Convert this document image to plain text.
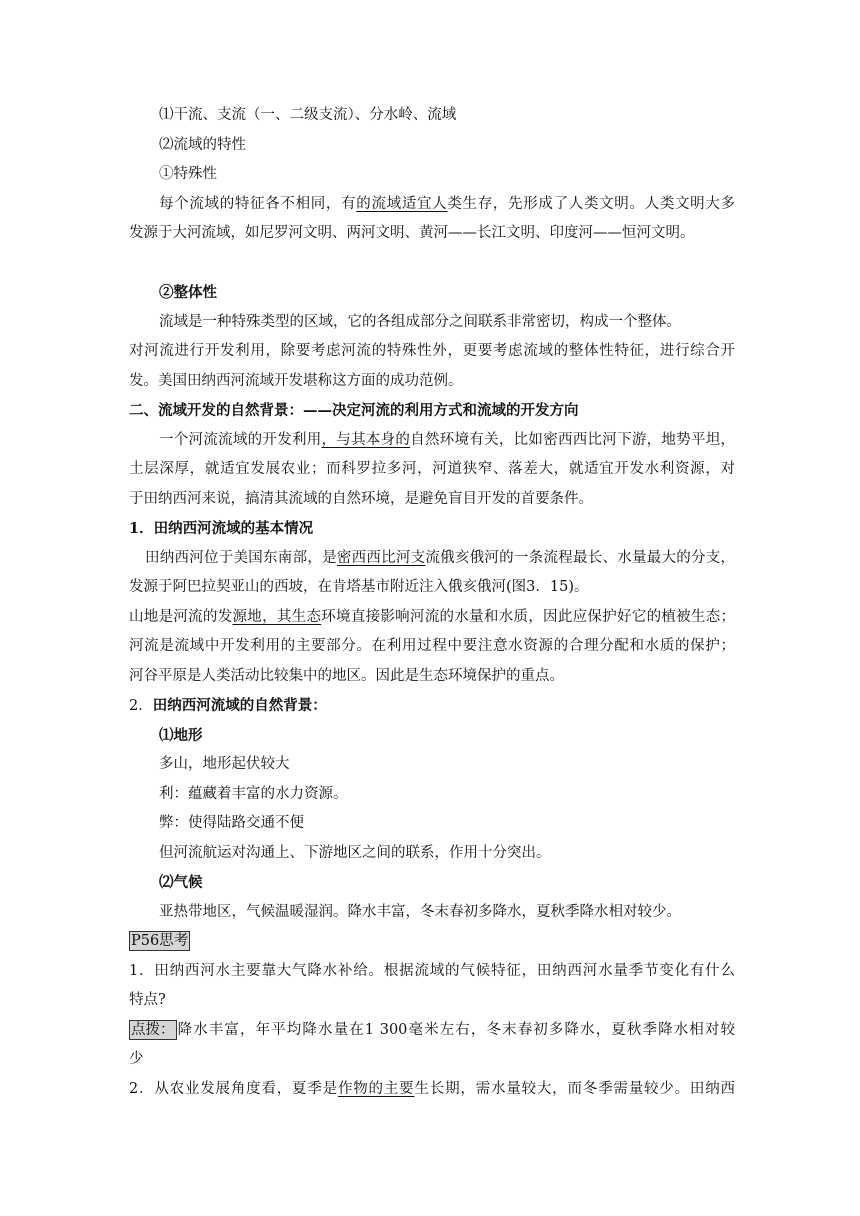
⑴干流、支流（一、二级支流）、分水岭、流域
⑵流域的特性
①特殊性
每个流域的特征各不相同，有的流域适宜人类生存，先形成了人类文明。人类文明大多
发源于大河流域，如尼罗河文明、两河文明、黄河——长江文明、印度河——恒河文明。
②整体性
流域是一种特殊类型的区域，它的各组成部分之间联系非常密切，构成一个整体。
对河流进行开发利用，除要考虑河流的特殊性外，更要考虑流域的整体性特征，进行综合开
发。美国田纳西河流域开发堪称这方面的成功范例。
二、流域开发的自然背景：——决定河流的利用方式和流域的开发方向
一个河流流域的开发利用，与其本身的自然环境有关，比如密西西比河下游，地势平坦，
土层深厚，就适宜发展农业；而科罗拉多河，河道狭窄、落差大，就适宜开发水利资源，对
于田纳西河来说，搞清其流域的自然环境，是避免盲目开发的首要条件。
1．田纳西河流域的基本情况
田纳西河位于美国东南部，是密西西比河支流俄亥俄河的一条流程最长、水量最大的分支，
发源于阿巴拉契亚山的西坡，在肯塔基市附近注入俄亥俄河(图3．15)。
山地是河流的发源地，其生态环境直接影响河流的水量和水质，因此应保护好它的植被生态；
河流是流域中开发利用的主要部分。在利用过程中要注意水资源的合理分配和水质的保护；
河谷平原是人类活动比较集中的地区。因此是生态环境保护的重点。
2．田纳西河流域的自然背景：
⑴地形
多山，地形起伏较大
利：蕴藏着丰富的水力资源。
弊：使得陆路交通不便
但河流航运对沟通上、下游地区之间的联系，作用十分突出。
⑵气候
亚热带地区，气候温暖湿润。降水丰富，冬末春初多降水，夏秋季降水相对较少。
P56思考
1．田纳西河水主要靠大气降水补给。根据流域的气候特征，田纳西河水量季节变化有什么
特点?
点拨： 降水丰富，年平均降水量在1 300毫米左右，冬末春初多降水，夏秋季降水相对较
少
2．从农业发展角度看，夏季是作物的主要生长期，需水量较大，而冬季需量较少。田纳西
